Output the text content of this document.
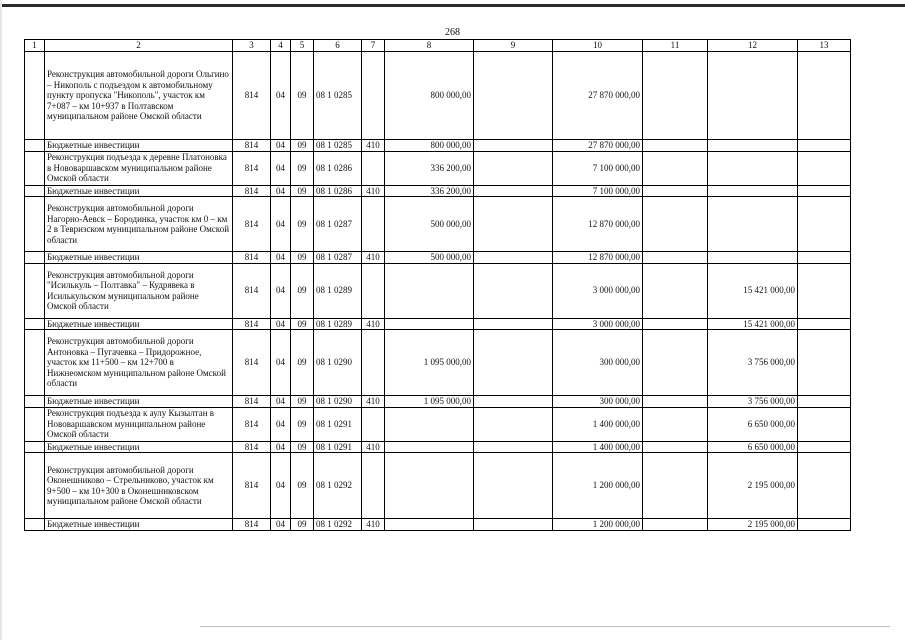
268
1	2	3	4	5	6	7	8	9	10	11	12	13
	Реконструкция автомобильной дороги Ольгино – Никополь с подъездом к автомобильному пункту пропуска "Никополь", участок км 7+087 – км 10+937 в Полтавском муниципальном районе Омской области	814	04	09	08 1 0285		800 000,00		27 870 000,00			
	Бюджетные инвестиции	814	04	09	08 1 0285	410	800 000,00		27 870 000,00			
	Реконструкция подъезда к деревне Платоновка в Нововаршавском муниципальном районе Омской области	814	04	09	08 1 0286		336 200,00		7 100 000,00			
	Бюджетные инвестиции	814	04	09	08 1 0286	410	336 200,00		7 100 000,00			
	Реконструкция автомобильной дороги Нагорно-Аевск – Бородинка, участок км 0 – км 2 в Тевризском муниципальном районе Омской области	814	04	09	08 1 0287		500 000,00		12 870 000,00			
	Бюджетные инвестиции	814	04	09	08 1 0287	410	500 000,00		12 870 000,00			
	Реконструкция автомобильной дороги "Исилькуль – Полтавка" – Кудрявека в Исилькульском муниципальном районе Омской области	814	04	09	08 1 0289				3 000 000,00		15 421 000,00	
	Бюджетные инвестиции	814	04	09	08 1 0289	410			3 000 000,00		15 421 000,00	
	Реконструкция автомобильной дороги Антоновка – Пугачевка – Придорожное, участок км 11+500 – км 12+700 в Нижнеомском муниципальном районе Омской области	814	04	09	08 1 0290		1 095 000,00		300 000,00		3 756 000,00	
	Бюджетные инвестиции	814	04	09	08 1 0290	410	1 095 000,00		300 000,00		3 756 000,00	
	Реконструкция подъезда к аулу Кызылтан в Нововаршавском муниципальном районе Омской области	814	04	09	08 1 0291				1 400 000,00		6 650 000,00	
	Бюджетные инвестиции	814	04	09	08 1 0291	410			1 400 000,00		6 650 000,00	
	Реконструкция автомобильной дороги Оконешниково – Стрельниково, участок км 9+500 – км 10+300 в Оконешниковском муниципальном районе Омской области	814	04	09	08 1 0292				1 200 000,00		2 195 000,00	
	Бюджетные инвестиции	814	04	09	08 1 0292	410			1 200 000,00		2 195 000,00	
